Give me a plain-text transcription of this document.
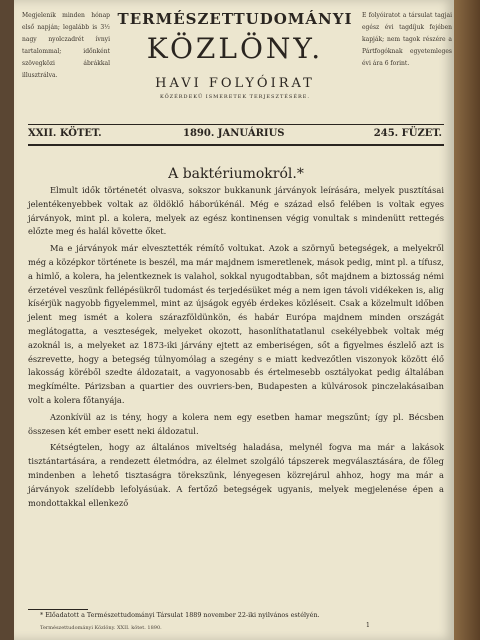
Megjelenik minden hónap első napján; legalább is 3½ nagy nyolczadrét ívnyi tartalommal; időnként szövegközi ábrákkal illusztrálva.
E folyóiratot a társulat tagjai egész évi tagdíjuk fejében kapják; nem tagok részére a Pártfogóknak egyetemleges évi ára 6 forint.
TERMÉSZETTUDOMÁNYI
KÖZLÖNY.
HAVI FOLYÓIRAT
KÖZÉRDEKŰ ISMERETEK TERJESZTÉSÉRE.
XXII. KÖTET.	1890. JANUÁRIUS	245. FÜZET.
A baktériumokról.*

Elmult idők történetét olvasva, sokszor bukkanunk járványok leírására, melyek pusztításai jelentékenyebbek voltak az öldöklő háborúkénál. Még e század első felében is voltak egyes járványok, mint pl. a kolera, melyek az egész kontinensen végig vonultak s mindenütt rettegés előzte meg és halál követte őket.

Ma e járványok már elvesztették rémítő voltukat. Azok a szörnyű betegségek, a melyekről még a középkor története is beszél, ma már majdnem ismeretlenek, mások pedig, mint pl. a tífusz, a himlő, a kolera, ha jelentkeznek is valahol, sokkal nyugodtabban, sőt majdnem a biztosság némi érzetével veszünk fellépésükről tudomást és terjedésüket még a nem igen távoli vidékeken is, alig kísérjük nagyobb figyelemmel, mint az újságok egyéb érdekes közléseit. Csak a közelmult időben jelent meg ismét a kolera szárazföldünkön, és habár Európa majdnem minden országát meglátogatta, a veszteségek, melyeket okozott, hasonlíthatatlanul csekélyebbek voltak még azoknál is, a melyeket az 1873-iki járvány ejtett az emberiségen, sőt a figyelmes észlelő azt is észrevette, hogy a betegség túlnyomólag a szegény s e miatt kedvezőtlen viszonyok között élő lakosság köréből szedte áldozatait, a vagyonosabb és értelmesebb osztályokat pedig általában megkímélte. Párizsban a quartier des ouvriers-ben, Budapesten a külvárosok pinczelakásaiban volt a kolera főtanyája.

Azonkívül az is tény, hogy a kolera nem egy esetben hamar megszűnt; így pl. Bécsben összesen két ember esett neki áldozatul.

Kétségtelen, hogy az általános miveltség haladása, melynél fogva ma már a lakások tisztántartására, a rendezett életmódra, az élelmet szolgáló tápszerek megválasztására, de főleg mindenben a lehető tisztaságra törekszünk, lényegesen közrejárul ahhoz, hogy ma már a járványok szelídebb lefolyásúak. A fertőző betegségek ugyanis, melyek megjelenése épen a mondottakkal ellenkező

* Előadatott a Természettudományi Társulat 1889 november 22-iki nyilvános estélyén.
Természettudományi Közlöny. XXII. kötet. 1890.	1
